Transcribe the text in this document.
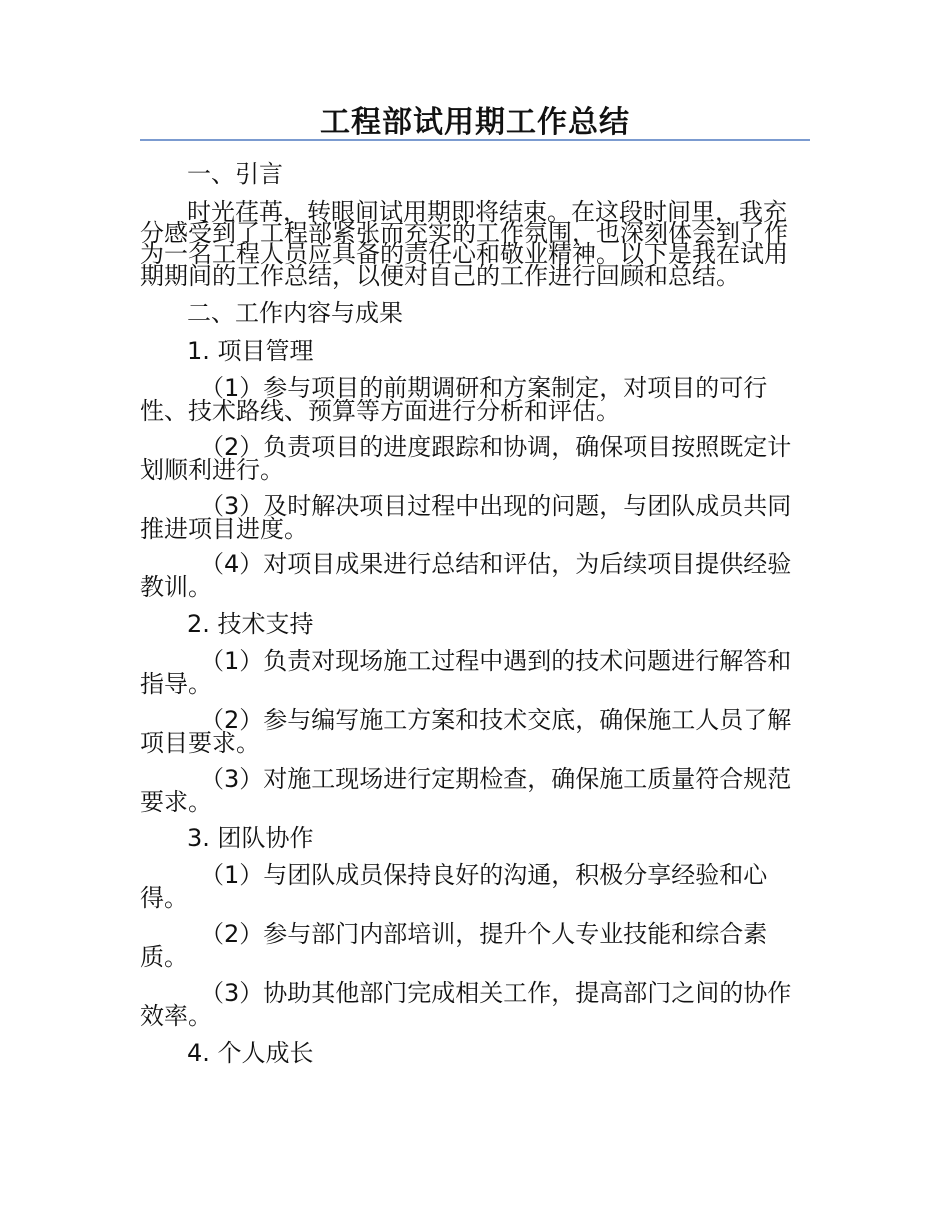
工程部试用期工作总结
一、引言
时光荏苒，转眼间试用期即将结束。在这段时间里，我充
分感受到了工程部紧张而充实的工作氛围，也深刻体会到了作
为一名工程人员应具备的责任心和敬业精神。以下是我在试用
期期间的工作总结，以便对自己的工作进行回顾和总结。
二、工作内容与成果
1. 项目管理
（1）参与项目的前期调研和方案制定，对项目的可行
性、技术路线、预算等方面进行分析和评估。
（2）负责项目的进度跟踪和协调，确保项目按照既定计
划顺利进行。
（3）及时解决项目过程中出现的问题，与团队成员共同
推进项目进度。
（4）对项目成果进行总结和评估，为后续项目提供经验
教训。
2. 技术支持
（1）负责对现场施工过程中遇到的技术问题进行解答和
指导。
（2）参与编写施工方案和技术交底，确保施工人员了解
项目要求。
（3）对施工现场进行定期检查，确保施工质量符合规范
要求。
3. 团队协作
（1）与团队成员保持良好的沟通，积极分享经验和心
得。
（2）参与部门内部培训，提升个人专业技能和综合素
质。
（3）协助其他部门完成相关工作，提高部门之间的协作
效率。
4. 个人成长
